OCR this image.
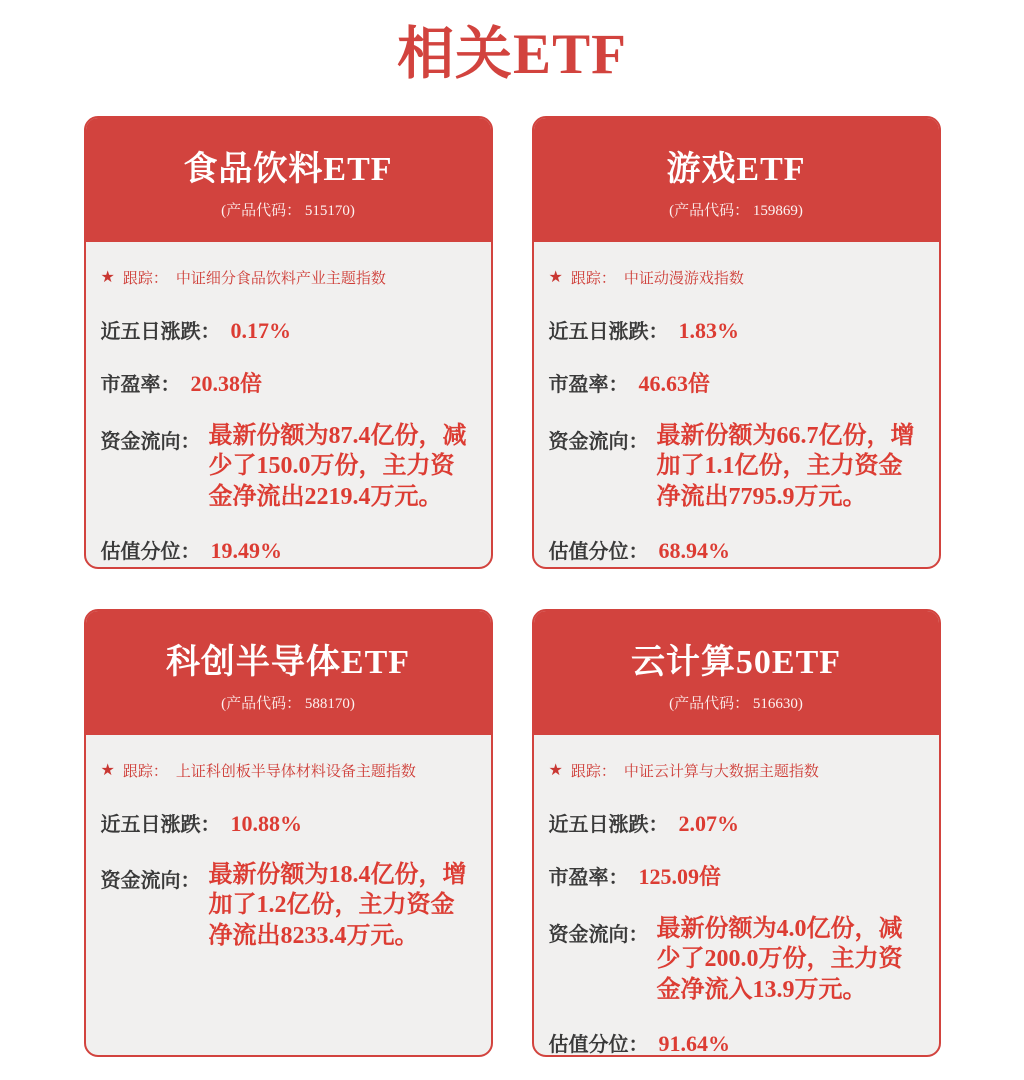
相关ETF
食品饮料ETF
(产品代码： 515170)
★ 跟踪： 中证细分食品饮料产业主题指数
近五日涨跌： 0.17%
市盈率： 20.38倍
资金流向： 最新份额为87.4亿份，减少了150.0万份，主力资金净流出2219.4万元。
估值分位： 19.49%
游戏ETF
(产品代码： 159869)
★ 跟踪： 中证动漫游戏指数
近五日涨跌： 1.83%
市盈率： 46.63倍
资金流向： 最新份额为66.7亿份，增加了1.1亿份，主力资金净流出7795.9万元。
估值分位： 68.94%
科创半导体ETF
(产品代码： 588170)
★ 跟踪： 上证科创板半导体材料设备主题指数
近五日涨跌： 10.88%
资金流向： 最新份额为18.4亿份，增加了1.2亿份，主力资金净流出8233.4万元。
云计算50ETF
(产品代码： 516630)
★ 跟踪： 中证云计算与大数据主题指数
近五日涨跌： 2.07%
市盈率： 125.09倍
资金流向： 最新份额为4.0亿份，减少了200.0万份，主力资金净流入13.9万元。
估值分位： 91.64%
